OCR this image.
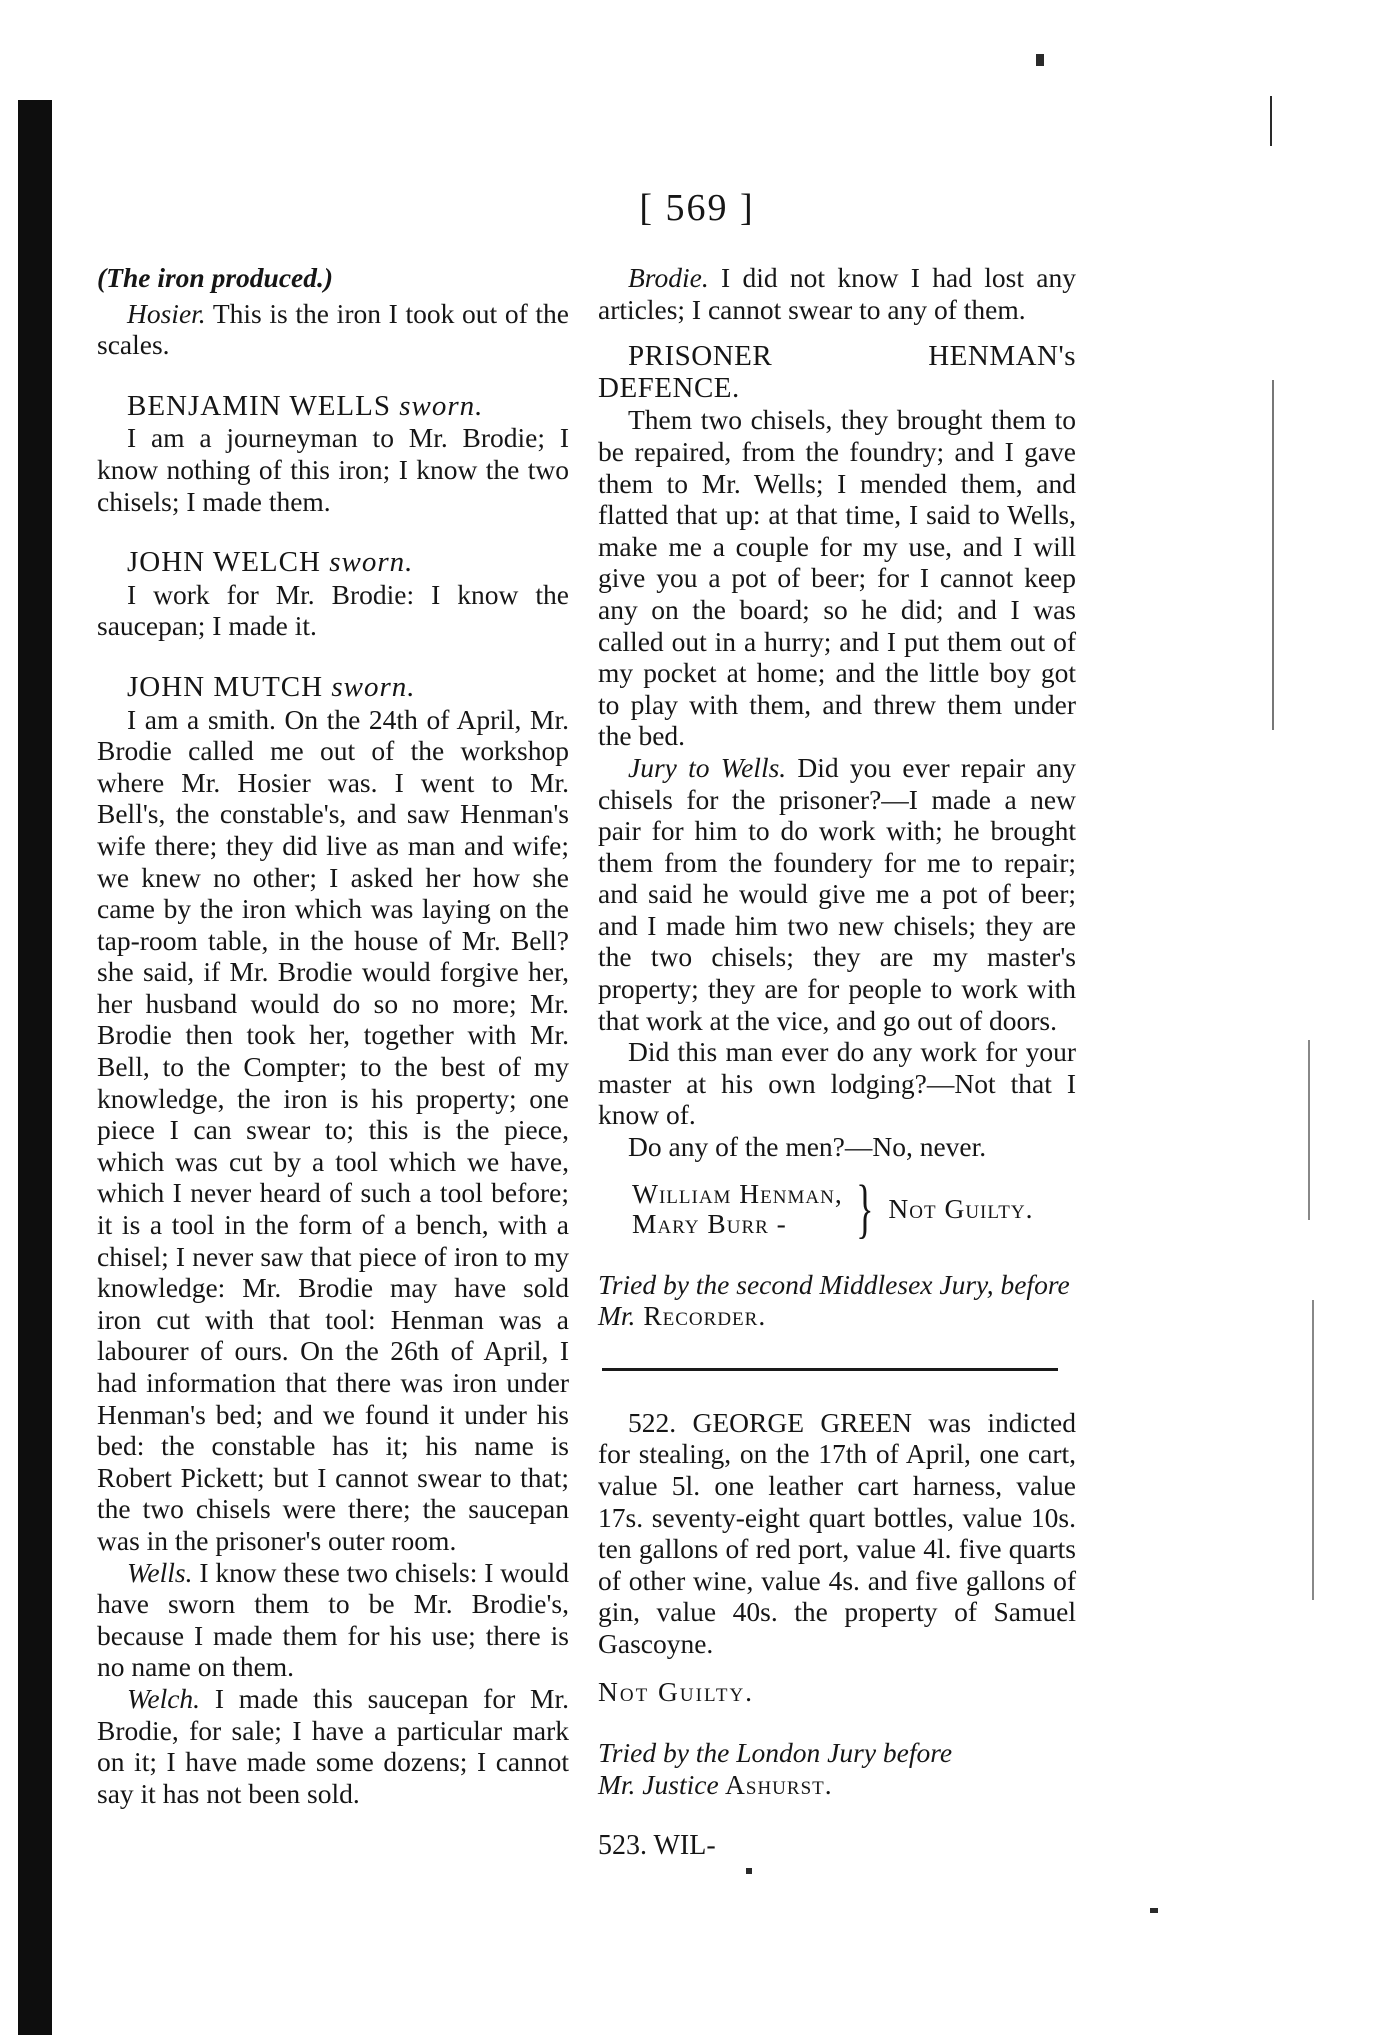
[ 569 ]

(The iron produced.)

Hosier. This is the iron I took out of the scales.

BENJAMIN WELLS sworn.

I am a journeyman to Mr. Brodie; I know nothing of this iron; I know the two chisels; I made them.

JOHN WELCH sworn.

I work for Mr. Brodie: I know the saucepan; I made it.

JOHN MUTCH sworn.

I am a smith. On the 24th of April, Mr. Brodie called me out of the workshop where Mr. Hosier was. I went to Mr. Bell's, the constable's, and saw Henman's wife there; they did live as man and wife; we knew no other; I asked her how she came by the iron which was laying on the tap-room table, in the house of Mr. Bell? she said, if Mr. Brodie would forgive her, her husband would do so no more; Mr. Brodie then took her, together with Mr. Bell, to the Compter; to the best of my knowledge, the iron is his property; one piece I can swear to; this is the piece, which was cut by a tool which we have, which I never heard of such a tool before; it is a tool in the form of a bench, with a chisel; I never saw that piece of iron to my knowledge: Mr. Brodie may have sold iron cut with that tool: Henman was a labourer of ours. On the 26th of April, I had information that there was iron under Henman's bed; and we found it under his bed: the constable has it; his name is Robert Pickett; but I cannot swear to that; the two chisels were there; the saucepan was in the prisoner's outer room.

Wells. I know these two chisels: I would have sworn them to be Mr. Brodie's, because I made them for his use; there is no name on them.

Welch. I made this saucepan for Mr. Brodie, for sale; I have a particular mark on it; I have made some dozens; I cannot say it has not been sold.

Brodie. I did not know I had lost any articles; I cannot swear to any of them.

PRISONER HENMAN's DEFENCE.

Them two chisels, they brought them to be repaired, from the foundry; and I gave them to Mr. Wells; I mended them, and flatted that up: at that time, I said to Wells, make me a couple for my use, and I will give you a pot of beer; for I cannot keep any on the board; so he did; and I was called out in a hurry; and I put them out of my pocket at home; and the little boy got to play with them, and threw them under the bed.

Jury to Wells. Did you ever repair any chisels for the prisoner?—I made a new pair for him to do work with; he brought them from the foundery for me to repair; and said he would give me a pot of beer; and I made him two new chisels; they are the two chisels; they are my master's property; they are for people to work with that work at the vice, and go out of doors.

Did this man ever do any work for your master at his own lodging?—Not that I know of.

Do any of the men?—No, never.

William Henman,
Mary Burr -	} Not Guilty.

Tried by the second Middlesex Jury, before
Mr. Recorder.

522. GEORGE GREEN was indicted for stealing, on the 17th of April, one cart, value 5l. one leather cart harness, value 17s. seventy-eight quart bottles, value 10s. ten gallons of red port, value 4l. five quarts of other wine, value 4s. and five gallons of gin, value 40s. the property of Samuel Gascoyne.

Not Guilty.

Tried by the London Jury before
Mr. Justice Ashurst.

523. WIL-
